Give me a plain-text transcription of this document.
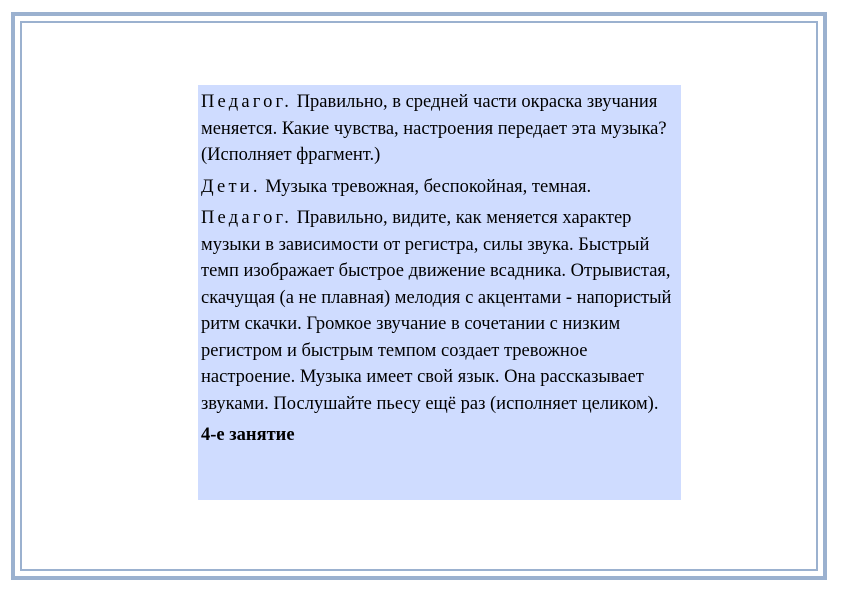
Педагог. Правильно, в средней части окраска звучания меняется. Какие чувства, настроения передает эта музыка? (Исполняет фрагмент.)

Дети. Музыка тревожная, беспокойная, темная.

Педагог. Правильно, видите, как меняется характер музыки в зависимости от регистра, силы звука. Быстрый темп изображает быстрое движение всадника. Отрывистая, скачущая (а не плавная) мелодия с акцентами - напористый ритм скачки. Громкое звучание в сочетании с низким регистром и быстрым темпом создает тревожное настроение. Музыка имеет свой язык. Она рассказывает звуками. Послушайте пьесу ещё раз (исполняет целиком).

4-е занятие
